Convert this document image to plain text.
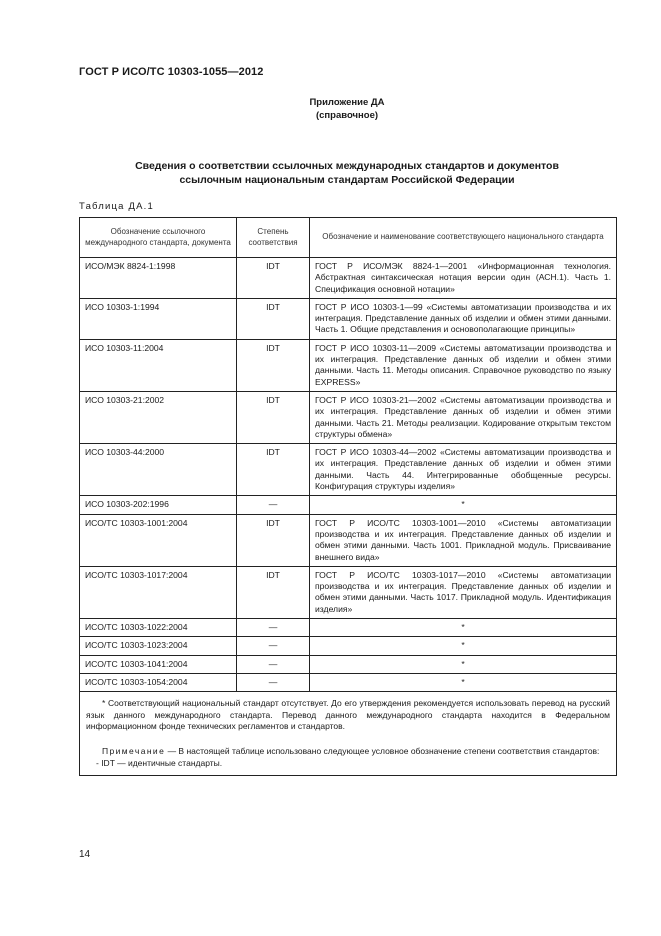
ГОСТ Р ИСО/ТС 10303-1055—2012
Приложение ДА
(справочное)
Сведения о соответствии ссылочных международных стандартов и документов
ссылочным национальным стандартам Российской Федерации
Таблица ДА.1
Обозначение ссылочного международного стандарта, документа	Степень соответствия	Обозначение и наименование соответствующего национального стандарта
ИСО/МЭК 8824-1:1998	IDT	ГОСТ Р ИСО/МЭК 8824-1—2001 «Информационная технология. Абстрактная синтаксическая нотация версии один (АСН.1). Часть 1. Спецификация основной нотации»
ИСО 10303-1:1994	IDT	ГОСТ Р ИСО 10303-1—99 «Системы автоматизации производства и их интеграция. Представление данных об изделии и обмен этими данными. Часть 1. Общие представления и основополагающие принципы»
ИСО 10303-11:2004	IDT	ГОСТ Р ИСО 10303-11—2009 «Системы автоматизации производства и их интеграция. Представление данных об изделии и обмен этими данными. Часть 11. Методы описания. Справочное руководство по языку EXPRESS»
ИСО 10303-21:2002	IDT	ГОСТ Р ИСО 10303-21—2002 «Системы автоматизации производства и их интеграция. Представление данных об изделии и обмен этими данными. Часть 21. Методы реализации. Кодирование открытым текстом структуры обмена»
ИСО 10303-44:2000	IDT	ГОСТ Р ИСО 10303-44—2002 «Системы автоматизации производства и их интеграция. Представление данных об изделии и обмен этими данными. Часть 44. Интегрированные обобщенные ресурсы. Конфигурация структуры изделия»
ИСО 10303-202:1996	—	*
ИСО/ТС 10303-1001:2004	IDT	ГОСТ Р ИСО/ТС 10303-1001—2010 «Системы автоматизации производства и их интеграция. Представление данных об изделии и обмен этими данными. Часть 1001. Прикладной модуль. Присваивание внешнего вида»
ИСО/ТС 10303-1017:2004	IDT	ГОСТ Р ИСО/ТС 10303-1017—2010 «Системы автоматизации производства и их интеграция. Представление данных об изделии и обмен этими данными. Часть 1017. Прикладной модуль. Идентификация изделия»
ИСО/ТС 10303-1022:2004	—	*
ИСО/ТС 10303-1023:2004	—	*
ИСО/ТС 10303-1041:2004	—	*
ИСО/ТС 10303-1054:2004	—	*

* Соответствующий национальный стандарт отсутствует. До его утверждения рекомендуется использовать перевод на русский язык данного международного стандарта. Перевод данного международного стандарта находится в Федеральном информационном фонде технических регламентов и стандартов.

Примечание — В настоящей таблице использовано следующее условное обозначение степени соответствия стандартов:

- IDT — идентичные стандарты.		

14
